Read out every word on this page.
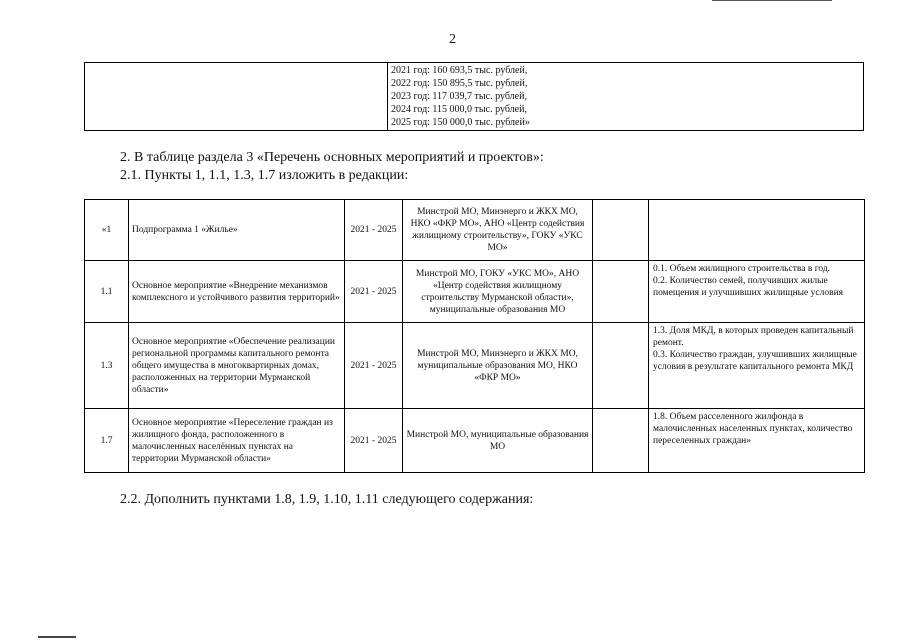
2

2021 год: 160 693,5 тыс. рублей,
2022 год: 150 895,5 тыс. рублей,
2023 год: 117 039,7 тыс. рублей,
2024 год: 115 000,0 тыс. рублей,
2025 год: 150 000,0 тыс. рублей»
2. В таблице раздела 3 «Перечень основных мероприятий и проектов»:
2.1. Пункты 1, 1.1, 1.3, 1.7 изложить в редакции:
«1	Подпрограмма 1 «Жилье»	2021 - 2025	Минстрой МО, Минэнерго и ЖКХ МО, НКО «ФКР МО», АНО «Центр содействия жилищному строительству», ГОКУ «УКС МО»		
1.1	Основное мероприятие «Внедрение механизмов комплексного и устойчивого развития территорий»	2021 - 2025	Минстрой МО, ГОКУ «УКС МО», АНО «Центр содействия жилищному строительству Мурманской области», муниципальные образования МО		0.1. Объем жилищного строительства в год.
0.2. Количество семей, получивших жилые помещения и улучшивших жилищные условия

1.3	Основное мероприятие «Обеспечение реализации региональной программы капитального ремонта общего имущества в многоквартирных домах, расположенных на территории Мурманской области»	2021 - 2025	Минстрой МО, Минэнерго и ЖКХ МО, муниципальные образования МО, НКО «ФКР МО»		1.3. Доля МКД, в которых проведен капитальный ремонт.
0.3. Количество граждан, улучшивших жилищные условия в результате капитального ремонта МКД

1.7	Основное мероприятие «Переселение граждан из жилищного фонда, расположенного в малочисленных населённых пунктах на территории Мурманской области»	2021 - 2025	Минстрой МО, муниципальные образования МО		1.8. Объем расселенного жилфонда в малочисленных населенных пунктах, количество переселенных граждан»
2.2. Дополнить пунктами 1.8, 1.9, 1.10, 1.11 следующего содержания:
